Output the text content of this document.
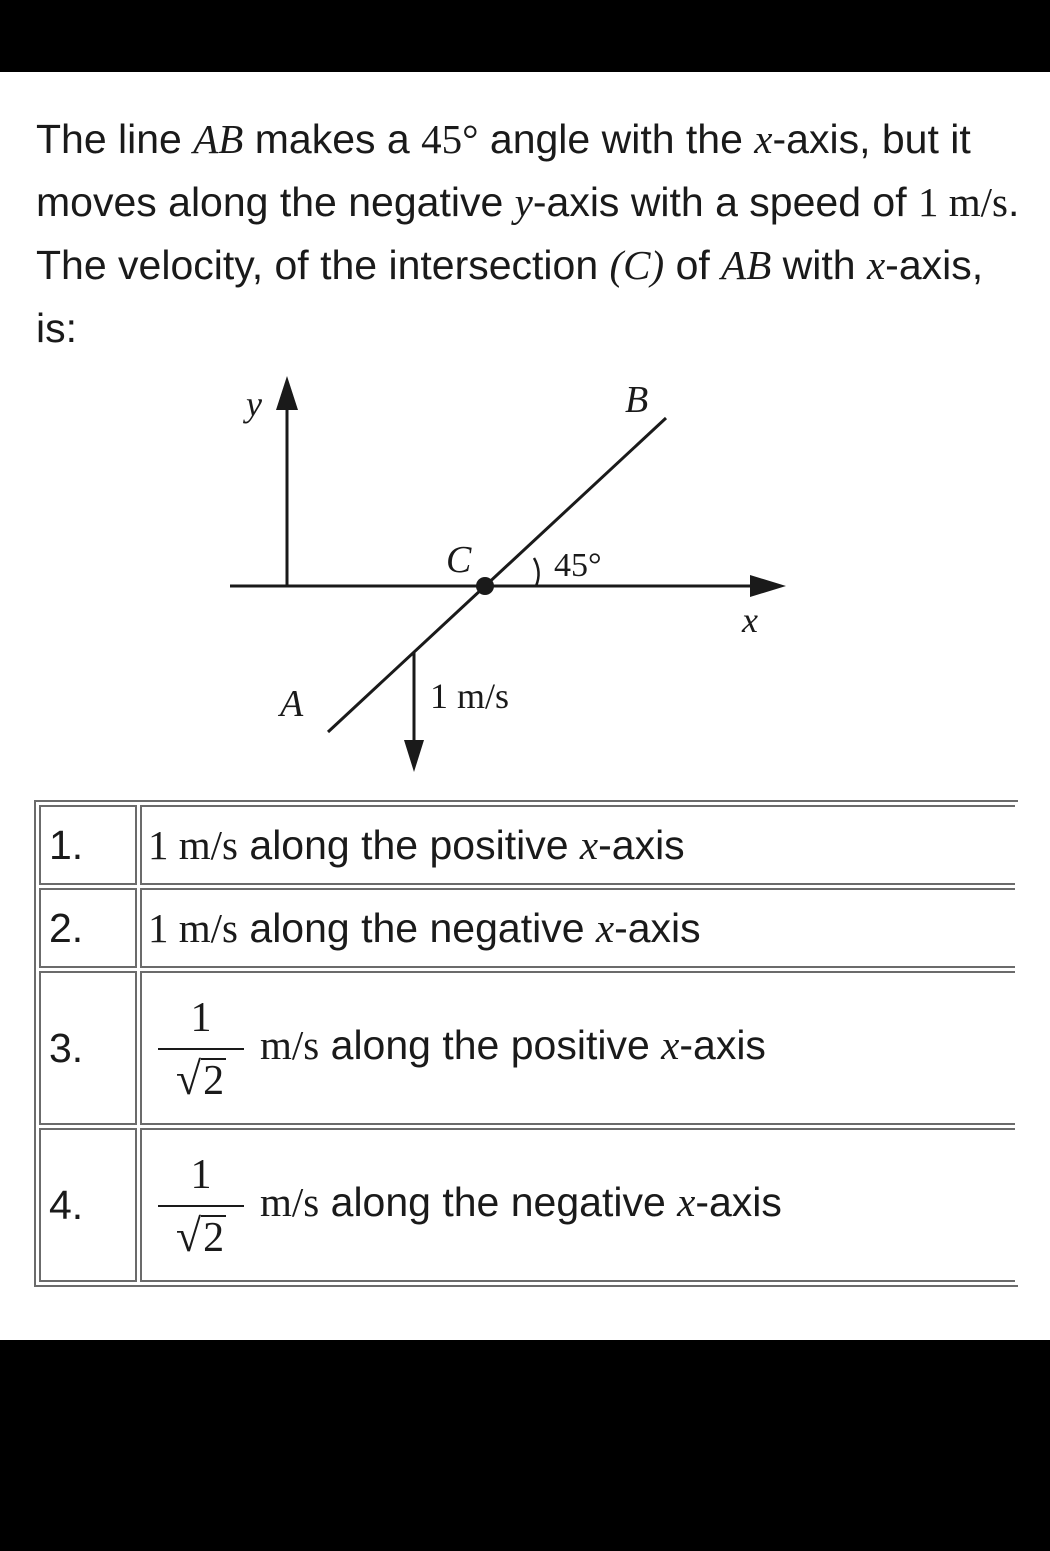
The line AB makes a 45° angle with the x-axis, but it moves along the negative y-axis with a speed of 1 m/s. The velocity, of the intersection (C) of AB with x-axis, is:
y
x
B
A
C 45°
1 m/s
1.	1 m/s along the positive x-axis
2.	1 m/s along the negative x-axis
3.	$\frac{1}{√ 2} m/s$ along the positive x-axis
4.	$\frac{1}{√ 2} m/s$ along the negative x-axis
